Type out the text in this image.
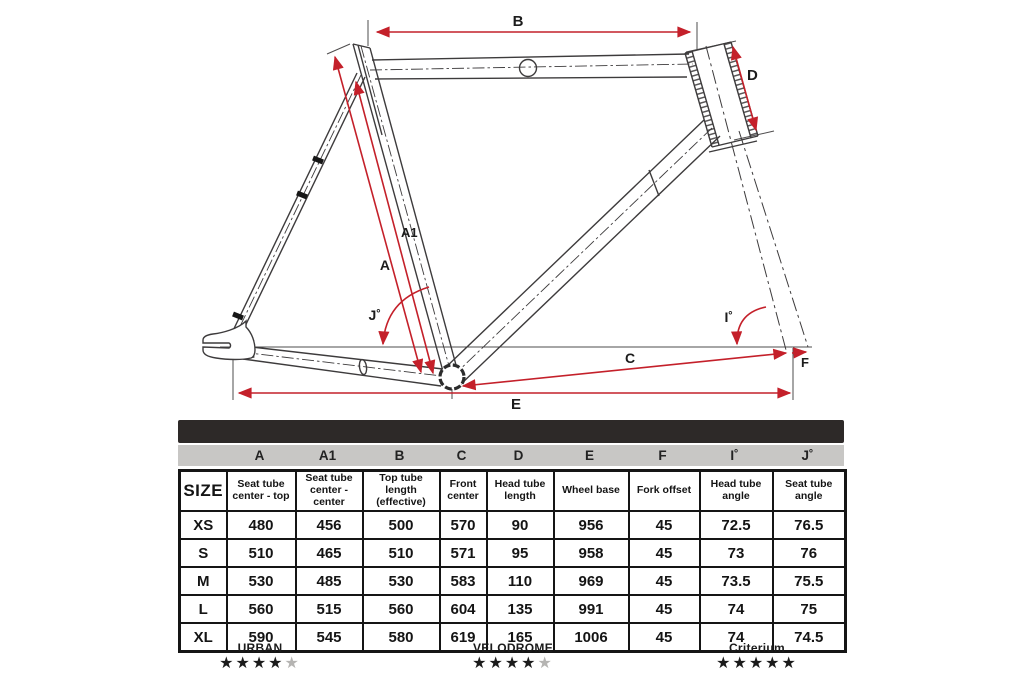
B
D
A1
A
J˚	I˚
C	F
E
	A	A1	B	C	D	E	F	I˚	J˚
SIZE	Seat tube center - top	Seat tube center - center	Top tube length (effective)	Front center	Head tube length	Wheel base	Fork offset	Head tube angle	Seat tube angle
XS	480	456	500	570	90	956	45	72.5	76.5
S	510	465	510	571	95	958	45	73	76
M	530	485	530	583	110	969	45	73.5	75.5
L	560	515	560	604	135	991	45	74	75
XL	590	545	580	619	165	1006	45	74	74.5
URBAN
★★★★★
VELODROME
★★★★★
Criterium
★★★★★
